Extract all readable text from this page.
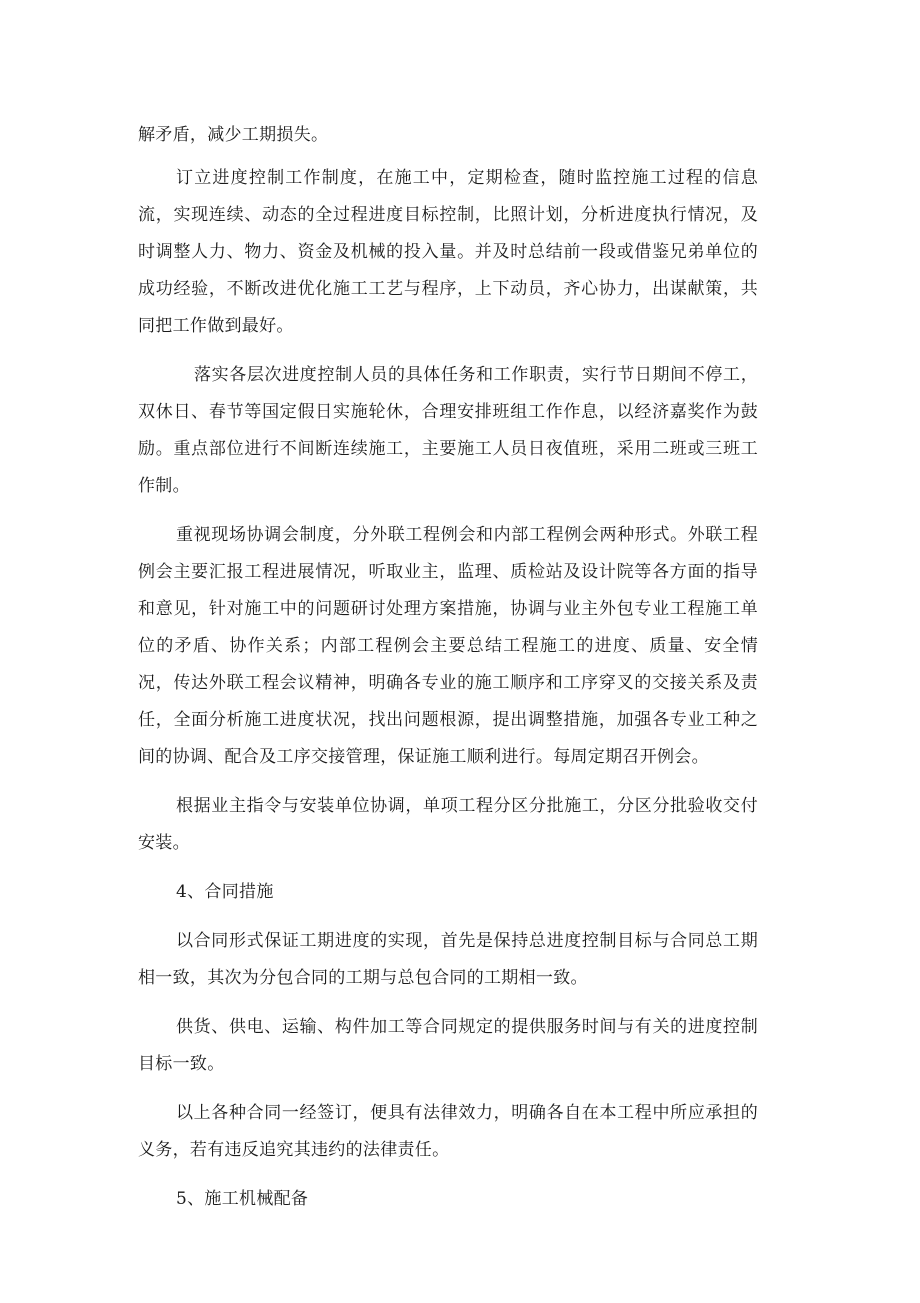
解矛盾，减少工期损失。

订立进度控制工作制度，在施工中，定期检查，随时监控施工过程的信息流，实现连续、动态的全过程进度目标控制，比照计划，分析进度执行情况，及时调整人力、物力、资金及机械的投入量。并及时总结前一段或借鉴兄弟单位的成功经验，不断改进优化施工工艺与程序，上下动员，齐心协力，出谋献策，共同把工作做到最好。

落实各层次进度控制人员的具体任务和工作职责，实行节日期间不停工，双休日、春节等国定假日实施轮休，合理安排班组工作作息，以经济嘉奖作为鼓励。重点部位进行不间断连续施工，主要施工人员日夜值班，采用二班或三班工作制。

重视现场协调会制度，分外联工程例会和内部工程例会两种形式。外联工程例会主要汇报工程进展情况，听取业主，监理、质检站及设计院等各方面的指导和意见，针对施工中的问题研讨处理方案措施，协调与业主外包专业工程施工单位的矛盾、协作关系；内部工程例会主要总结工程施工的进度、质量、安全情况，传达外联工程会议精神，明确各专业的施工顺序和工序穿叉的交接关系及责任，全面分析施工进度状况，找出问题根源，提出调整措施，加强各专业工种之间的协调、配合及工序交接管理，保证施工顺利进行。每周定期召开例会。

根据业主指令与安装单位协调，单项工程分区分批施工，分区分批验收交付安装。

4、合同措施

以合同形式保证工期进度的实现，首先是保持总进度控制目标与合同总工期相一致，其次为分包合同的工期与总包合同的工期相一致。

供货、供电、运输、构件加工等合同规定的提供服务时间与有关的进度控制目标一致。

以上各种合同一经签订，便具有法律效力，明确各自在本工程中所应承担的义务，若有违反追究其违约的法律责任。

5、施工机械配备
